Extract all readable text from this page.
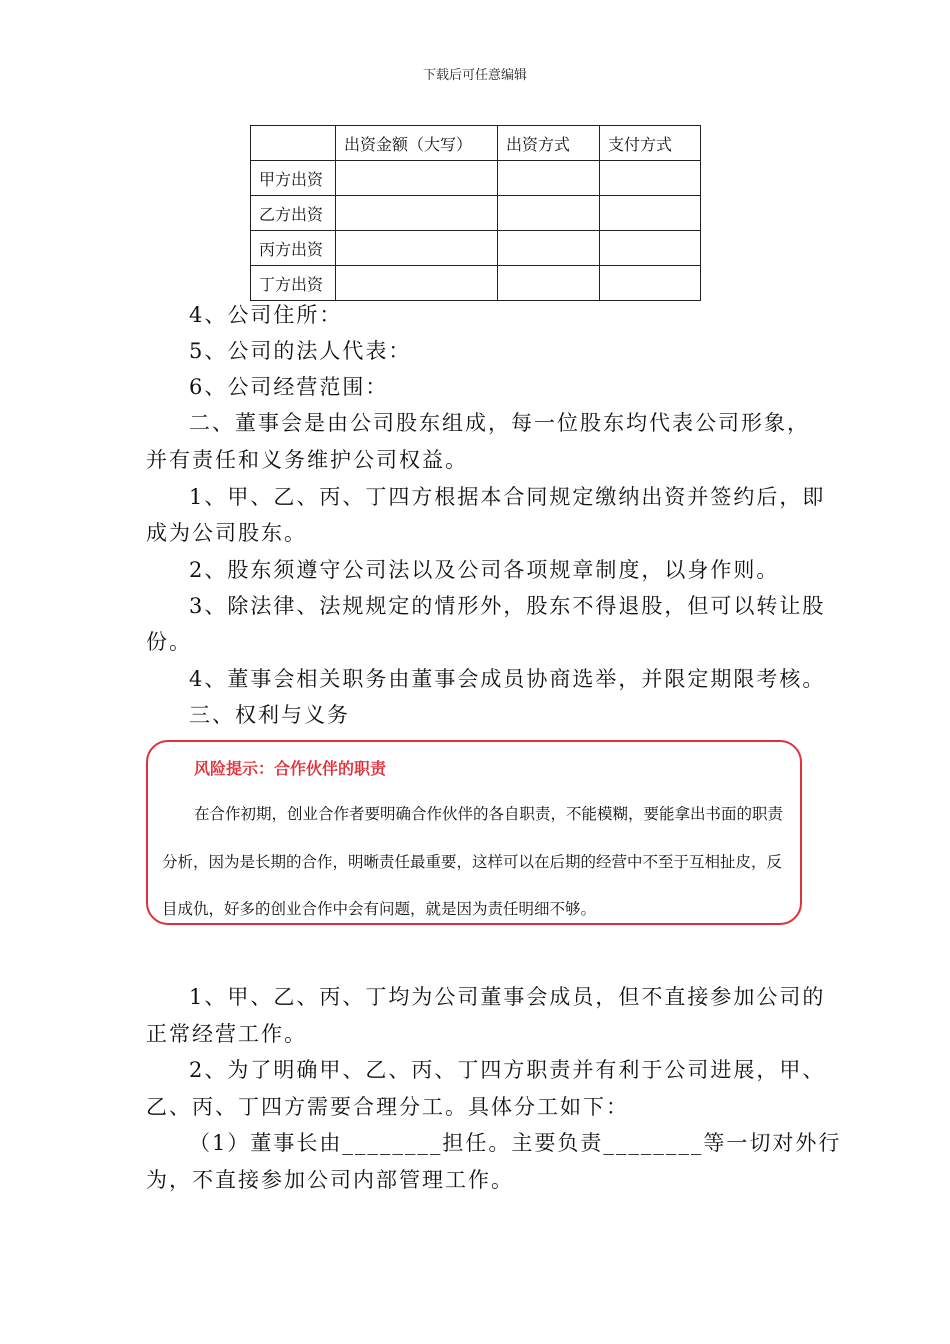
下载后可任意编辑
	出资金额（大写）	出资方式	支付方式
甲方出资			
乙方出资			
丙方出资			
丁方出资			
4、公司住所：
5、公司的法人代表：
6、公司经营范围：
二、董事会是由公司股东组成，每一位股东均代表公司形象，
并有责任和义务维护公司权益。
1、甲、乙、丙、丁四方根据本合同规定缴纳出资并签约后，即
成为公司股东。
2、股东须遵守公司法以及公司各项规章制度，以身作则。
3、除法律、法规规定的情形外，股东不得退股，但可以转让股
份。
4、董事会相关职务由董事会成员协商选举，并限定期限考核。
三、权利与义务
风险提示：合作伙伴的职责
在合作初期，创业合作者要明确合作伙伴的各自职责，不能模糊，要能拿出书面的职责
分析，因为是长期的合作，明晰责任最重要，这样可以在后期的经营中不至于互相扯皮，反
目成仇，好多的创业合作中会有问题，就是因为责任明细不够。
1、甲、乙、丙、丁均为公司董事会成员，但不直接参加公司的
正常经营工作。
2、为了明确甲、乙、丙、丁四方职责并有利于公司进展，甲、
乙、丙、丁四方需要合理分工。具体分工如下：
（1）董事长由________担任。主要负责________等一切对外行
为，不直接参加公司内部管理工作。
